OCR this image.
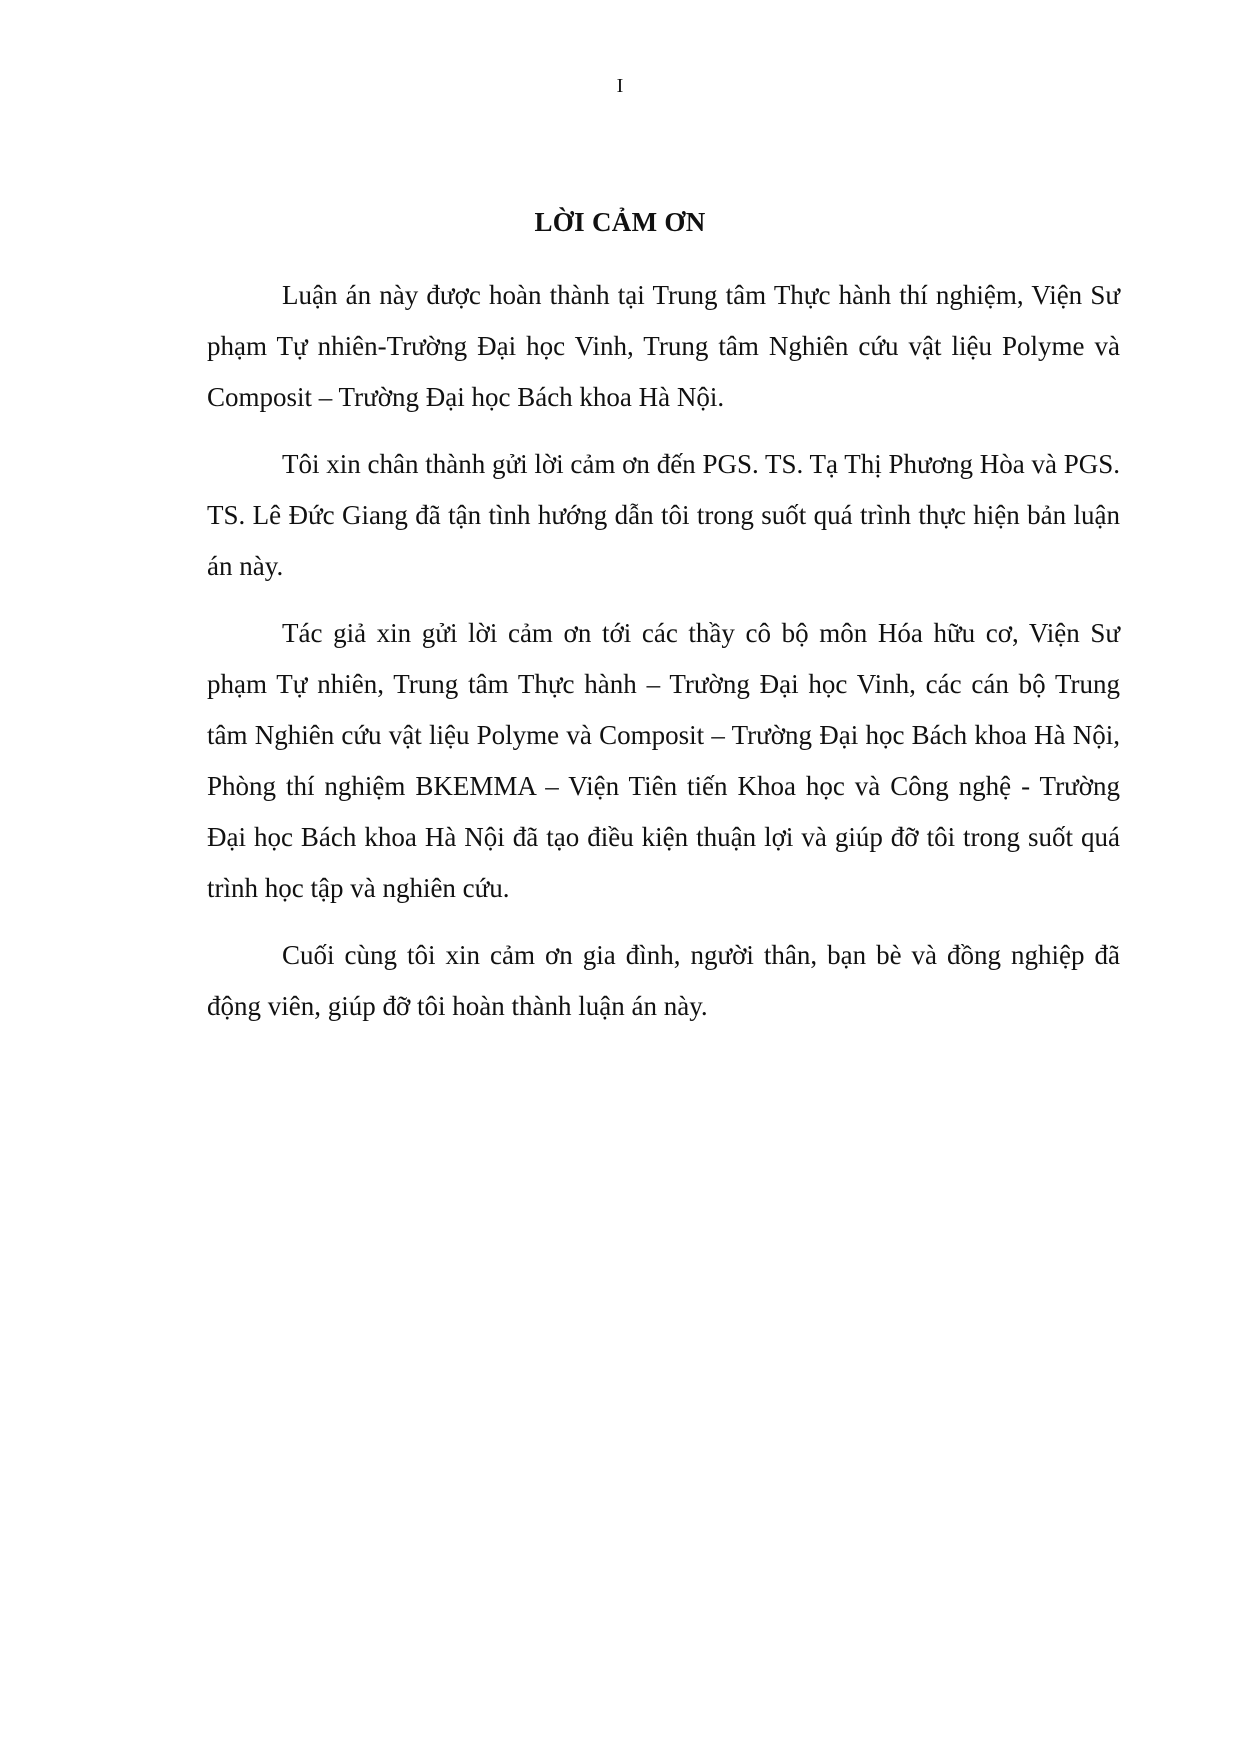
I
LỜI CẢM ƠN

Luận án này được hoàn thành tại Trung tâm Thực hành thí nghiệm, Viện Sư phạm Tự nhiên-Trường Đại học Vinh, Trung tâm Nghiên cứu vật liệu Polyme và Composit – Trường Đại học Bách khoa Hà Nội.

Tôi xin chân thành gửi lời cảm ơn đến PGS. TS. Tạ Thị Phương Hòa và PGS. TS. Lê Đức Giang đã tận tình hướng dẫn tôi trong suốt quá trình thực hiện bản luận án này.

Tác giả xin gửi lời cảm ơn tới các thầy cô bộ môn Hóa hữu cơ, Viện Sư phạm Tự nhiên, Trung tâm Thực hành – Trường Đại học Vinh, các cán bộ Trung tâm Nghiên cứu vật liệu Polyme và Composit – Trường Đại học Bách khoa Hà Nội, Phòng thí nghiệm BKEMMA – Viện Tiên tiến Khoa học và Công nghệ - Trường Đại học Bách khoa Hà Nội đã tạo điều kiện thuận lợi và giúp đỡ tôi trong suốt quá trình học tập và nghiên cứu.

Cuối cùng tôi xin cảm ơn gia đình, người thân, bạn bè và đồng nghiệp đã động viên, giúp đỡ tôi hoàn thành luận án này.
